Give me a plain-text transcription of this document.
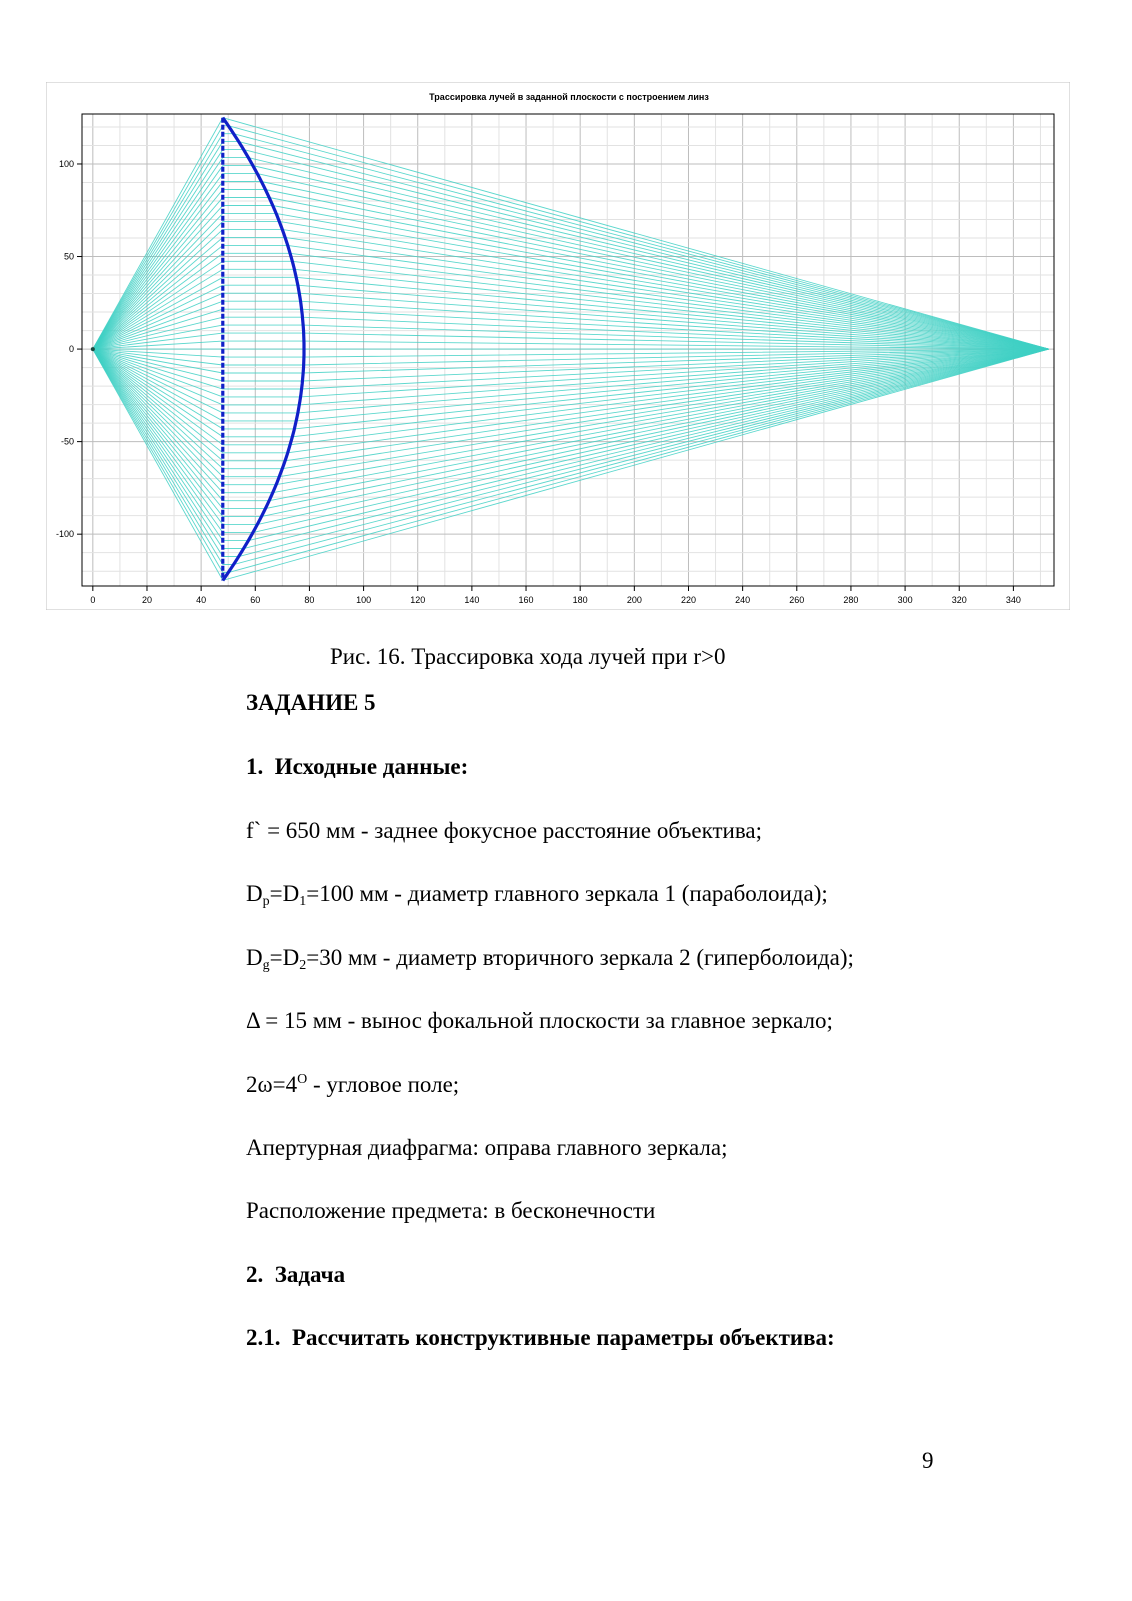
Трассировка лучей в заданной плоскости с построением линз
0	20	40	60	80	100	120	140	160	180	200	220	240	260	280	300	320	340
-100
-50
0
50
100
Рис. 16. Трассировка хода лучей при r>0
ЗАДАНИЕ 5
1. Исходные данные:
f` = 650 мм - заднее фокусное расстояние объектива;
$D_p=D_1=100$ мм - диаметр главного зеркала 1 (параболоида);
$D_g=D_2=30$ мм - диаметр вторичного зеркала 2 (гиперболоида);
Δ = 15 мм - вынос фокальной плоскости за главное зеркало;
$2\omega=4^O$ - угловое поле;
Апертурная диафрагма: оправа главного зеркала;
Расположение предмета: в бесконечности
2. Задача
2.1. Рассчитать конструктивные параметры объектива:
9
